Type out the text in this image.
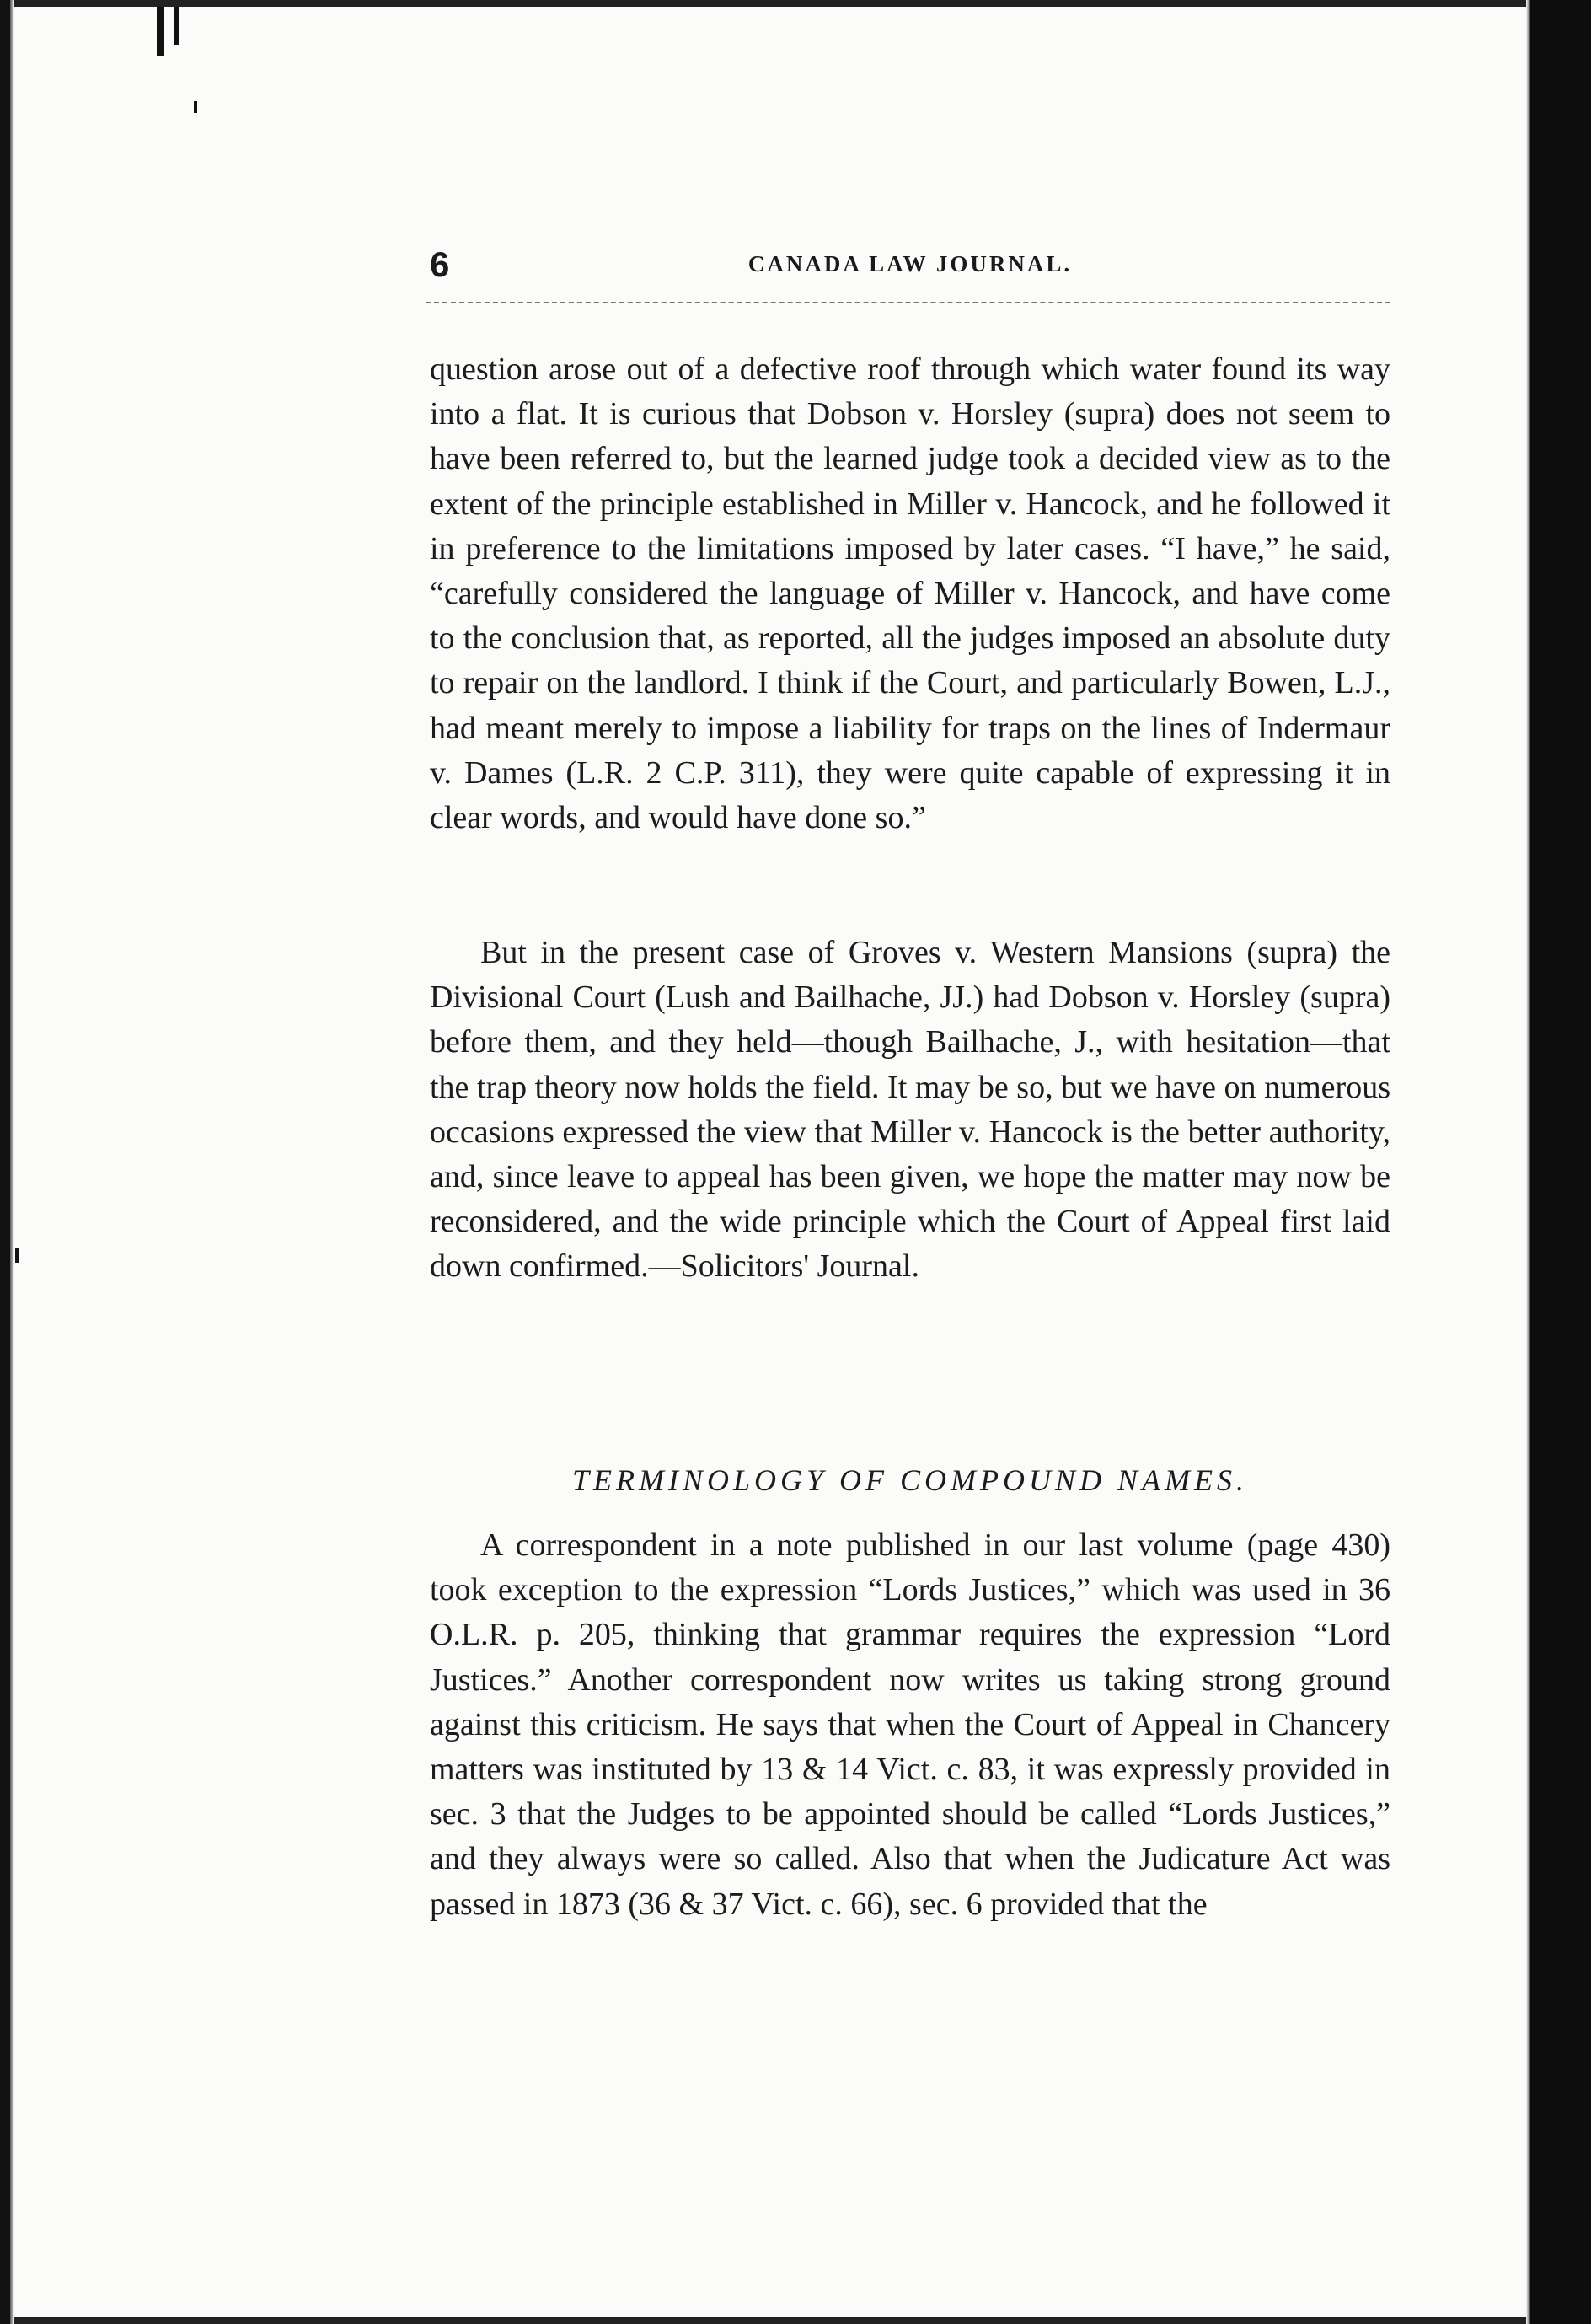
6	CANADA LAW JOURNAL.

question arose out of a defective roof through which water found its way into a flat. It is curious that Dobson v. Horsley (supra) does not seem to have been referred to, but the learned judge took a decided view as to the extent of the principle established in Miller v. Hancock, and he followed it in preference to the limitations imposed by later cases. “I have,” he said, “carefully considered the language of Miller v. Hancock, and have come to the conclusion that, as reported, all the judges imposed an absolute duty to repair on the landlord. I think if the Court, and particularly Bowen, L.J., had meant merely to impose a liability for traps on the lines of Indermaur v. Dames (L.R. 2 C.P. 311), they were quite capable of expressing it in clear words, and would have done so.”

But in the present case of Groves v. Western Mansions (supra) the Divisional Court (Lush and Bailhache, JJ.) had Dobson v. Horsley (supra) before them, and they held—though Bailhache, J., with hesitation—that the trap theory now holds the field. It may be so, but we have on numerous occasions expressed the view that Miller v. Hancock is the better authority, and, since leave to appeal has been given, we hope the matter may now be reconsidered, and the wide principle which the Court of Appeal first laid down confirmed.—Solicitors' Journal.

TERMINOLOGY OF COMPOUND NAMES.

A correspondent in a note published in our last volume (page 430) took exception to the expression “Lords Justices,” which was used in 36 O.L.R. p. 205, thinking that grammar requires the expression “Lord Justices.” Another correspondent now writes us taking strong ground against this criticism. He says that when the Court of Appeal in Chancery matters was instituted by 13 & 14 Vict. c. 83, it was expressly provided in sec. 3 that the Judges to be appointed should be called “Lords Justices,” and they always were so called. Also that when the Judicature Act was passed in 1873 (36 & 37 Vict. c. 66), sec. 6 provided that the
